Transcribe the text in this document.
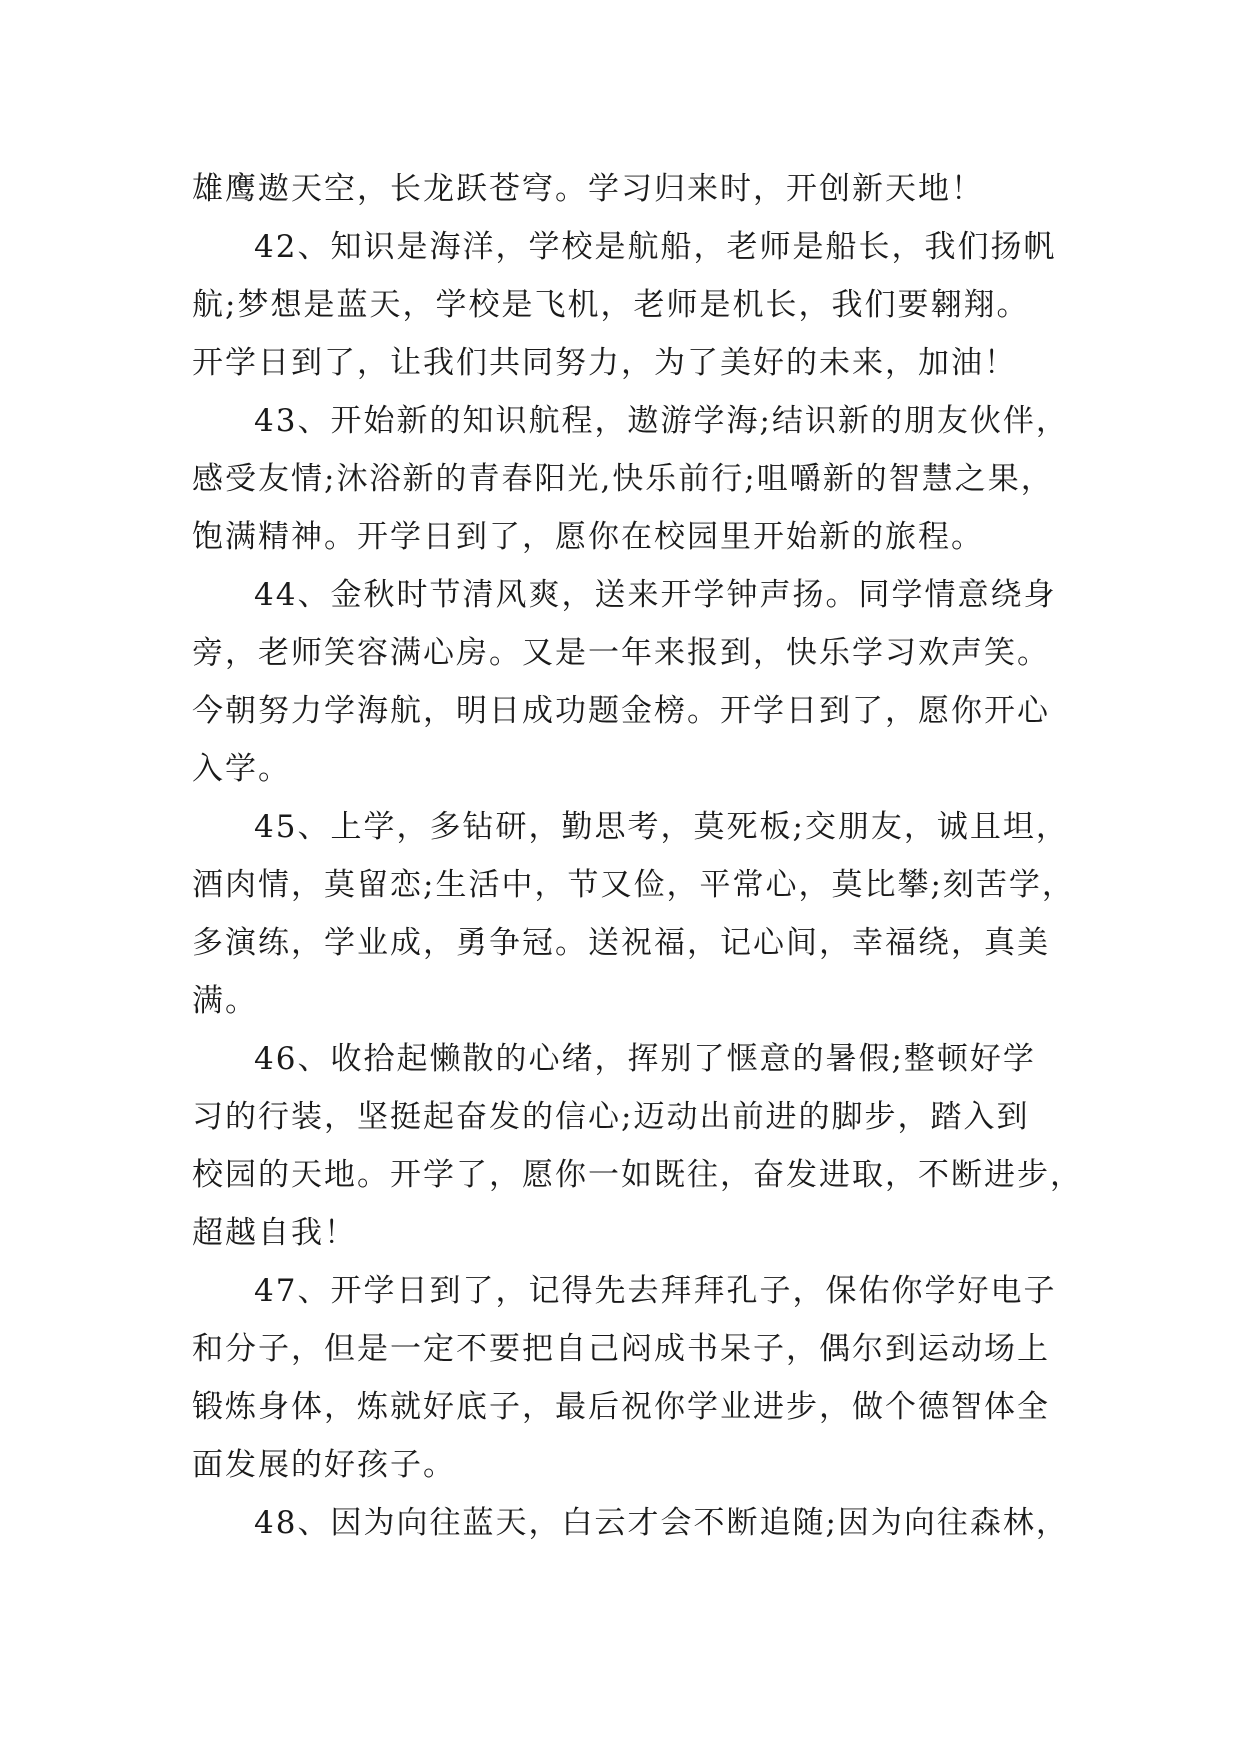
雄鹰遨天空，长龙跃苍穹。学习归来时，开创新天地！
42、知识是海洋，学校是航船，老师是船长，我们扬帆
航;梦想是蓝天，学校是飞机，老师是机长，我们要翱翔。
开学日到了，让我们共同努力，为了美好的未来，加油！
43、开始新的知识航程，遨游学海;结识新的朋友伙伴，
感受友情;沐浴新的青春阳光,快乐前行;咀嚼新的智慧之果，
饱满精神。开学日到了，愿你在校园里开始新的旅程。
44、金秋时节清风爽，送来开学钟声扬。同学情意绕身
旁，老师笑容满心房。又是一年来报到，快乐学习欢声笑。
今朝努力学海航，明日成功题金榜。开学日到了，愿你开心
入学。
45、上学，多钻研，勤思考，莫死板;交朋友，诚且坦，
酒肉情，莫留恋;生活中，节又俭，平常心，莫比攀;刻苦学，
多演练，学业成，勇争冠。送祝福，记心间，幸福绕，真美
满。
46、收拾起懒散的心绪，挥别了惬意的暑假;整顿好学
习的行装，坚挺起奋发的信心;迈动出前进的脚步，踏入到
校园的天地。开学了，愿你一如既往，奋发进取，不断进步，
超越自我！
47、开学日到了，记得先去拜拜孔子，保佑你学好电子
和分子，但是一定不要把自己闷成书呆子，偶尔到运动场上
锻炼身体，炼就好底子，最后祝你学业进步，做个德智体全
面发展的好孩子。
48、因为向往蓝天，白云才会不断追随;因为向往森林，
